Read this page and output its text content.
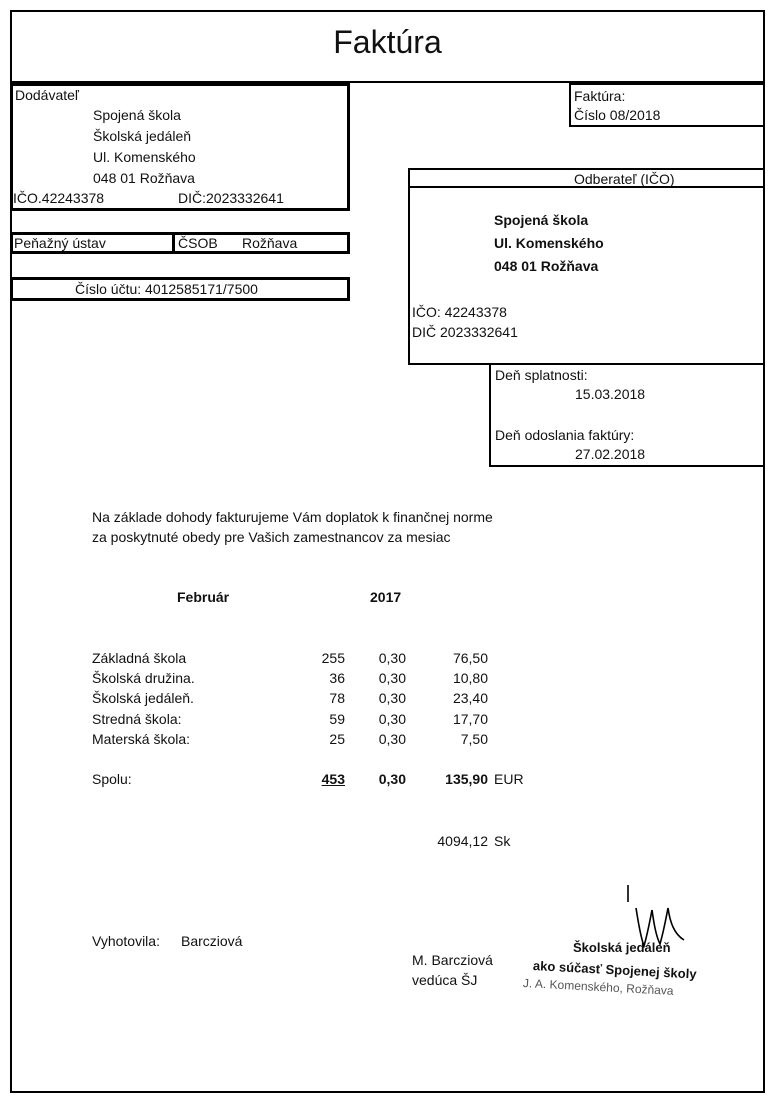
Faktúra
Dodávateľ
Spojená škola
Školská jedáleň
Ul. Komenského
048 01 Rožňava
IČO.42243378	DIČ:2023332641
Peňažný ústav	ČSOB Rožňava
Číslo účtu: 4012585171/7500
Faktúra:
Číslo 08/2018
Odberateľ (IČO)
Spojená škola
Ul. Komenského
048 01 Rožňava
IČO: 42243378
DIČ 2023332641
Deň splatnosti:
15.03.2018
Deň odoslania faktúry:
27.02.2018
Na základe dohody fakturujeme Vám doplatok k finančnej norme
za poskytnuté obedy pre Vašich zamestnancov za mesiac
Február	2017
Základná škola	255	0,30	76,50
Školská družina.	36	0,30	10,80
Školská jedáleň.	78	0,30	23,40
Stredná škola:	59	0,30	17,70
Materská škola:	25	0,30	7,50
Spolu:	453	0,30	135,90 EUR
4094,12 Sk
Vyhotovila: Barcziová
M. Barcziová
vedúca ŠJ
Školská jedáleň
ako súčasť Spojenej školy
J. A. Komenského, Rožňava
